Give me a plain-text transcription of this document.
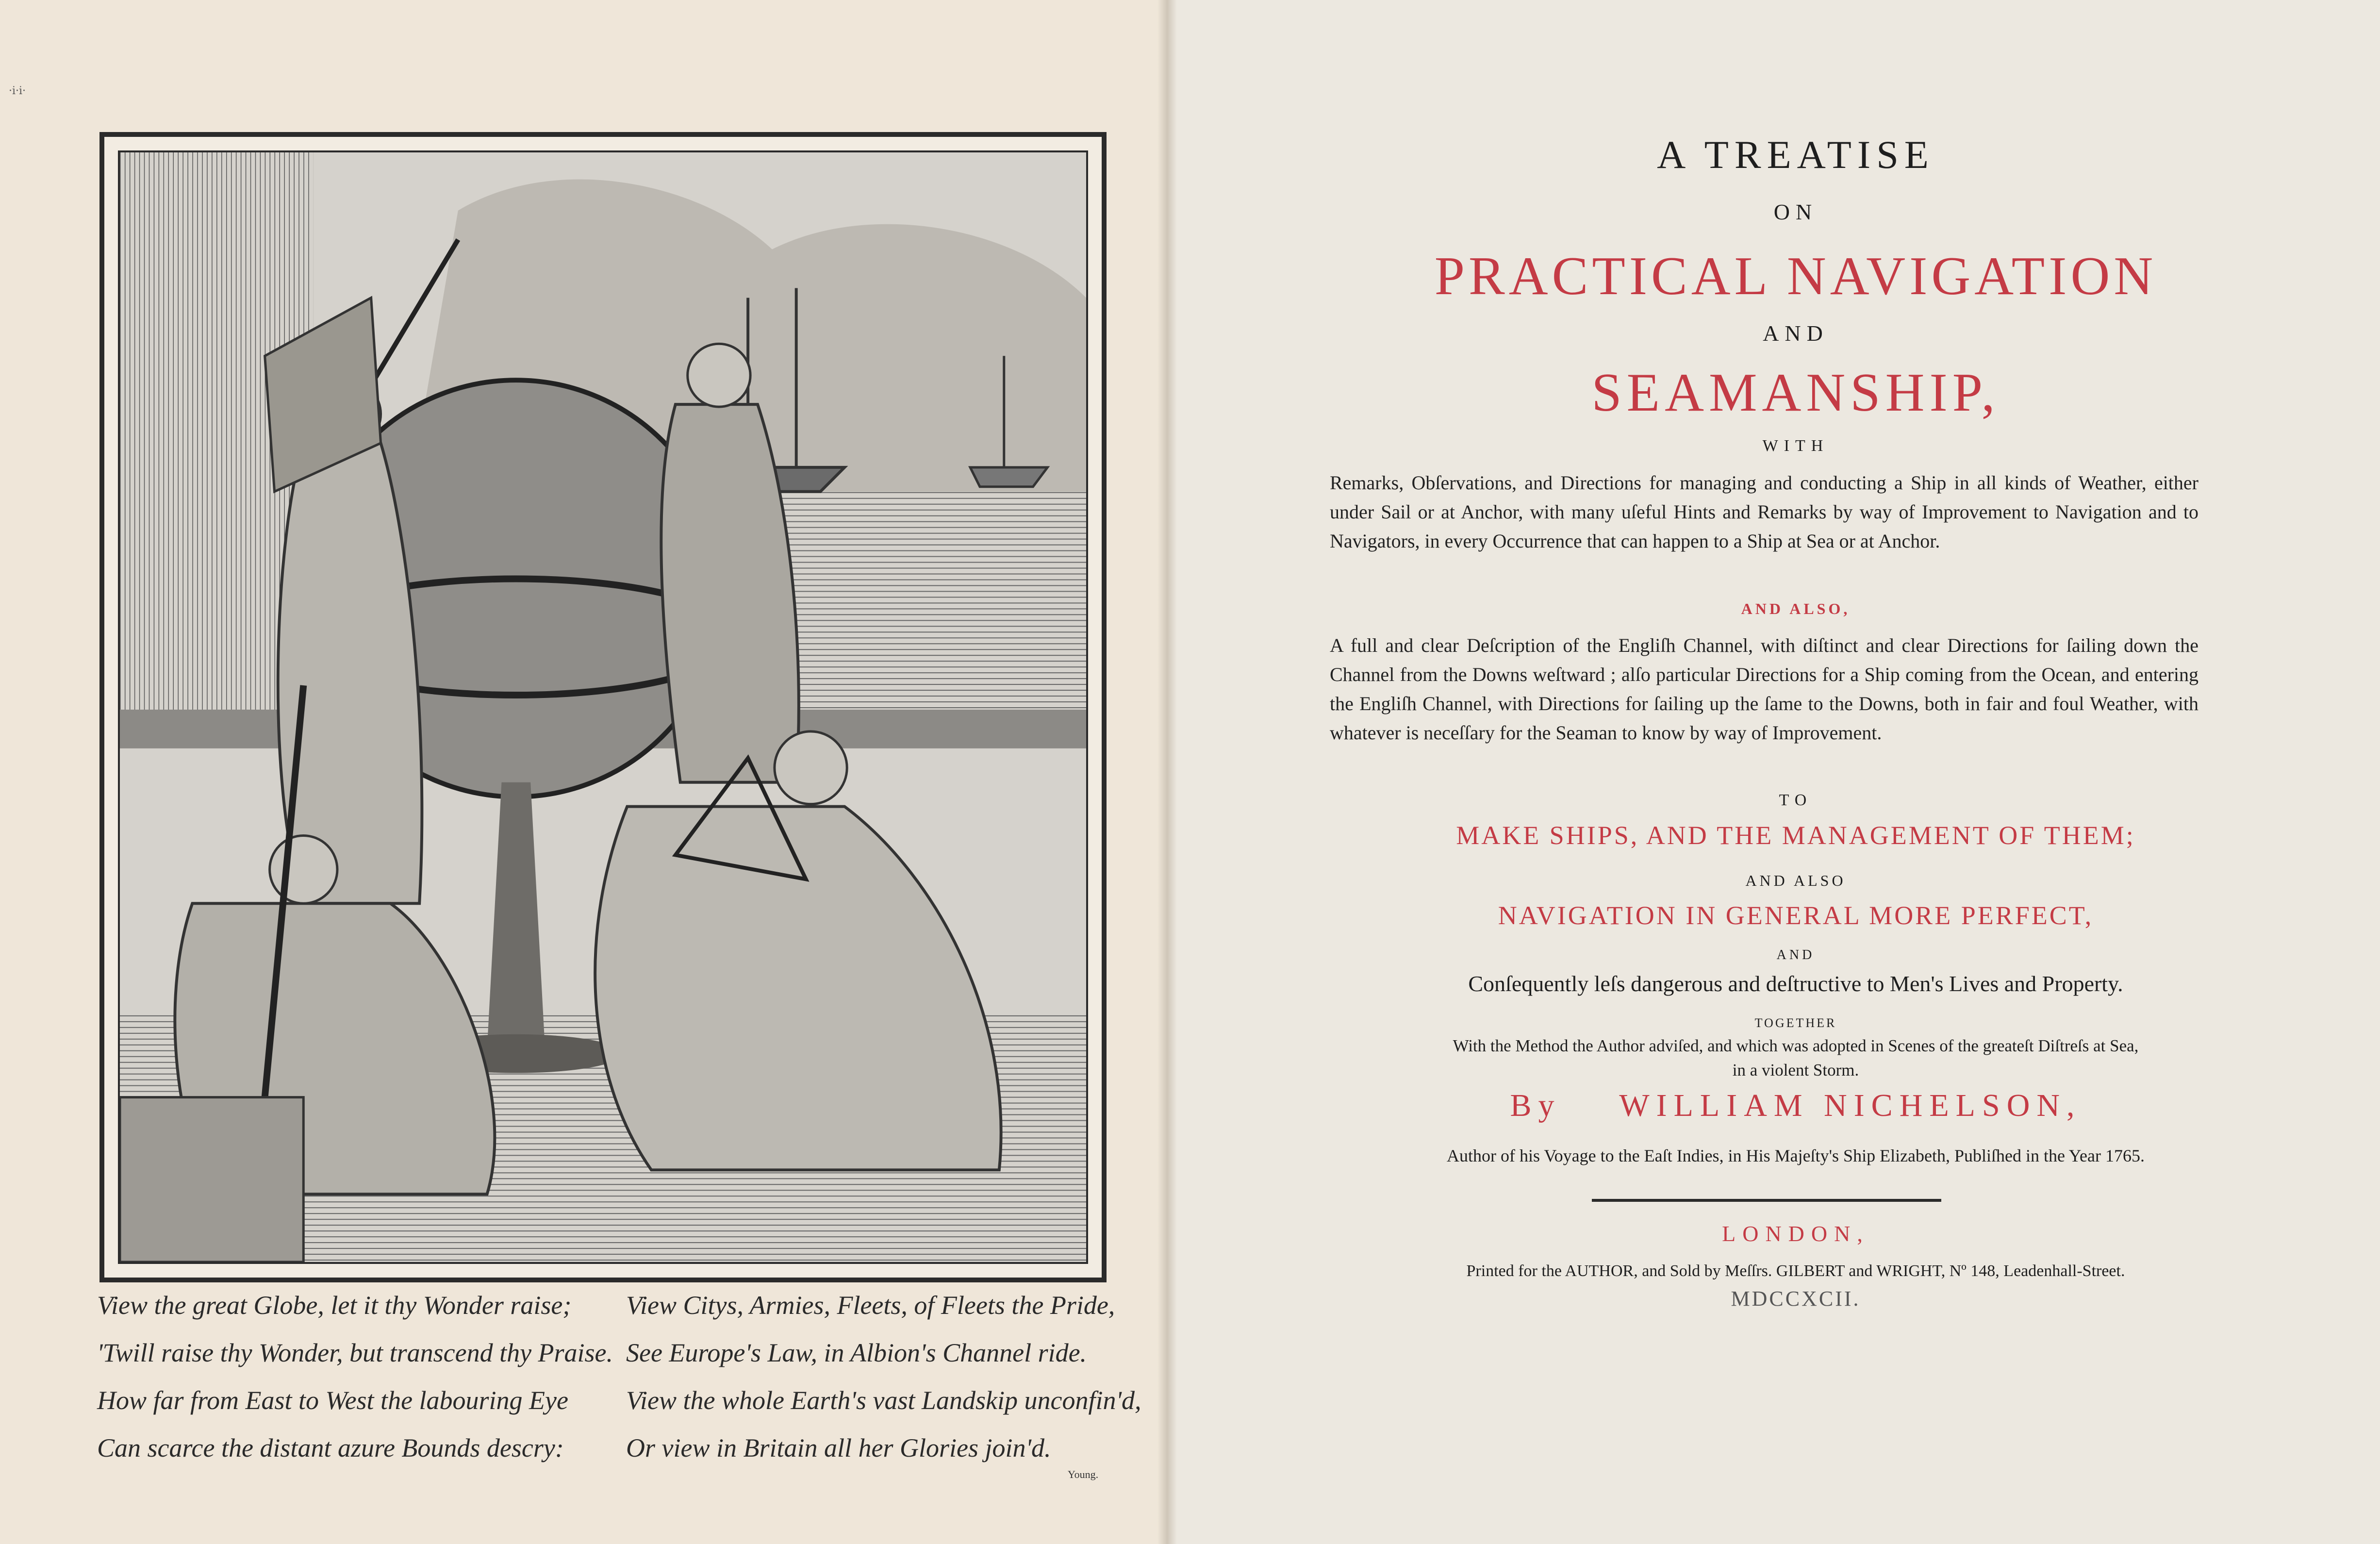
·i·i·
View the great Globe, let it thy Wonder raise;
'Twill raise thy Wonder, but transcend thy Praise.
How far from East to West the labouring Eye
Can scarce the distant azure Bounds descry:
View Citys, Armies, Fleets, of Fleets the Pride,
See Europe's Law, in Albion's Channel ride.
View the whole Earth's vast Landskip unconfin'd,
Or view in Britain all her Glories join'd.
Young.
A TREATISE
ON
PRACTICAL NAVIGATION
AND
SEAMANSHIP,
WITH
Remarks, Obſervations, and Directions for managing and conducting a Ship in all kinds of Weather, either under Sail or at Anchor, with many uſeful Hints and Remarks by way of Improvement to Navigation and to Navigators, in every Occurrence that can happen to a Ship at Sea or at Anchor.
AND ALSO,
A full and clear Deſcription of the Engliſh Channel, with diſtinct and clear Directions for ſailing down the Channel from the Downs weſtward ; alſo particular Directions for a Ship coming from the Ocean, and entering the Engliſh Channel, with Directions for ſailing up the ſame to the Downs, both in fair and foul Weather, with whatever is neceſſary for the Seaman to know by way of Improvement.
TO
MAKE SHIPS, AND THE MANAGEMENT OF THEM;
AND ALSO
NAVIGATION IN GENERAL MORE PERFECT,
AND
Conſequently leſs dangerous and deſtructive to Men's Lives and Property.
TOGETHER
With the Method the Author adviſed, and which was adopted in Scenes of the greateſt Diſtreſs at Sea,
in a violent Storm.
By WILLIAM NICHELSON,
Author of his Voyage to the Eaſt Indies, in His Majeſty's Ship Elizabeth, Publiſhed in the Year 1765.
LONDON,
Printed for the AUTHOR, and Sold by Meſſrs. GILBERT and WRIGHT, Nº 148, Leadenhall-Street.
MDCCXCII.
